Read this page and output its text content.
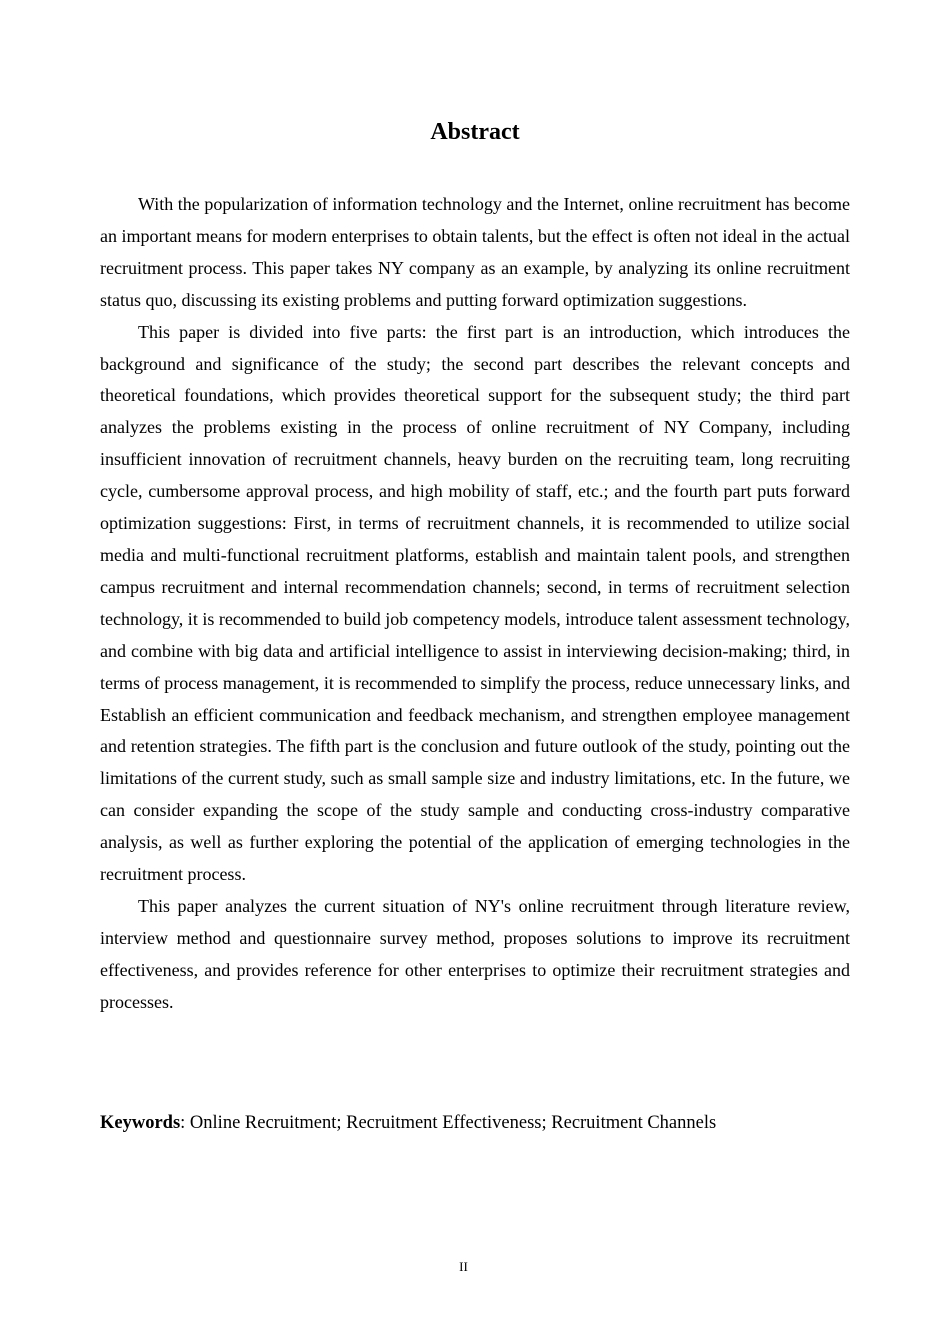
Abstract

With the popularization of information technology and the Internet, online recruitment has become an important means for modern enterprises to obtain talents, but the effect is often not ideal in the actual recruitment process. This paper takes NY company as an example, by analyzing its online recruitment status quo, discussing its existing problems and putting forward optimization suggestions.

This paper is divided into five parts: the first part is an introduction, which introduces the background and significance of the study; the second part describes the relevant concepts and theoretical foundations, which provides theoretical support for the subsequent study; the third part analyzes the problems existing in the process of online recruitment of NY Company, including insufficient innovation of recruitment channels, heavy burden on the recruiting team, long recruiting cycle, cumbersome approval process, and high mobility of staff, etc.; and the fourth part puts forward optimization suggestions: First, in terms of recruitment channels, it is recommended to utilize social media and multi-functional recruitment platforms, establish and maintain talent pools, and strengthen campus recruitment and internal recommendation channels; second, in terms of recruitment selection technology, it is recommended to build job competency models, introduce talent assessment technology, and combine with big data and artificial intelligence to assist in interviewing decision-making; third, in terms of process management, it is recommended to simplify the process, reduce unnecessary links, and Establish an efficient communication and feedback mechanism, and strengthen employee management and retention strategies. The fifth part is the conclusion and future outlook of the study, pointing out the limitations of the current study, such as small sample size and industry limitations, etc. In the future, we can consider expanding the scope of the study sample and conducting cross-industry comparative analysis, as well as further exploring the potential of the application of emerging technologies in the recruitment process.

This paper analyzes the current situation of NY's online recruitment through literature review, interview method and questionnaire survey method, proposes solutions to improve its recruitment effectiveness, and provides reference for other enterprises to optimize their recruitment strategies and processes.

Keywords: Online Recruitment; Recruitment Effectiveness; Recruitment Channels

II
